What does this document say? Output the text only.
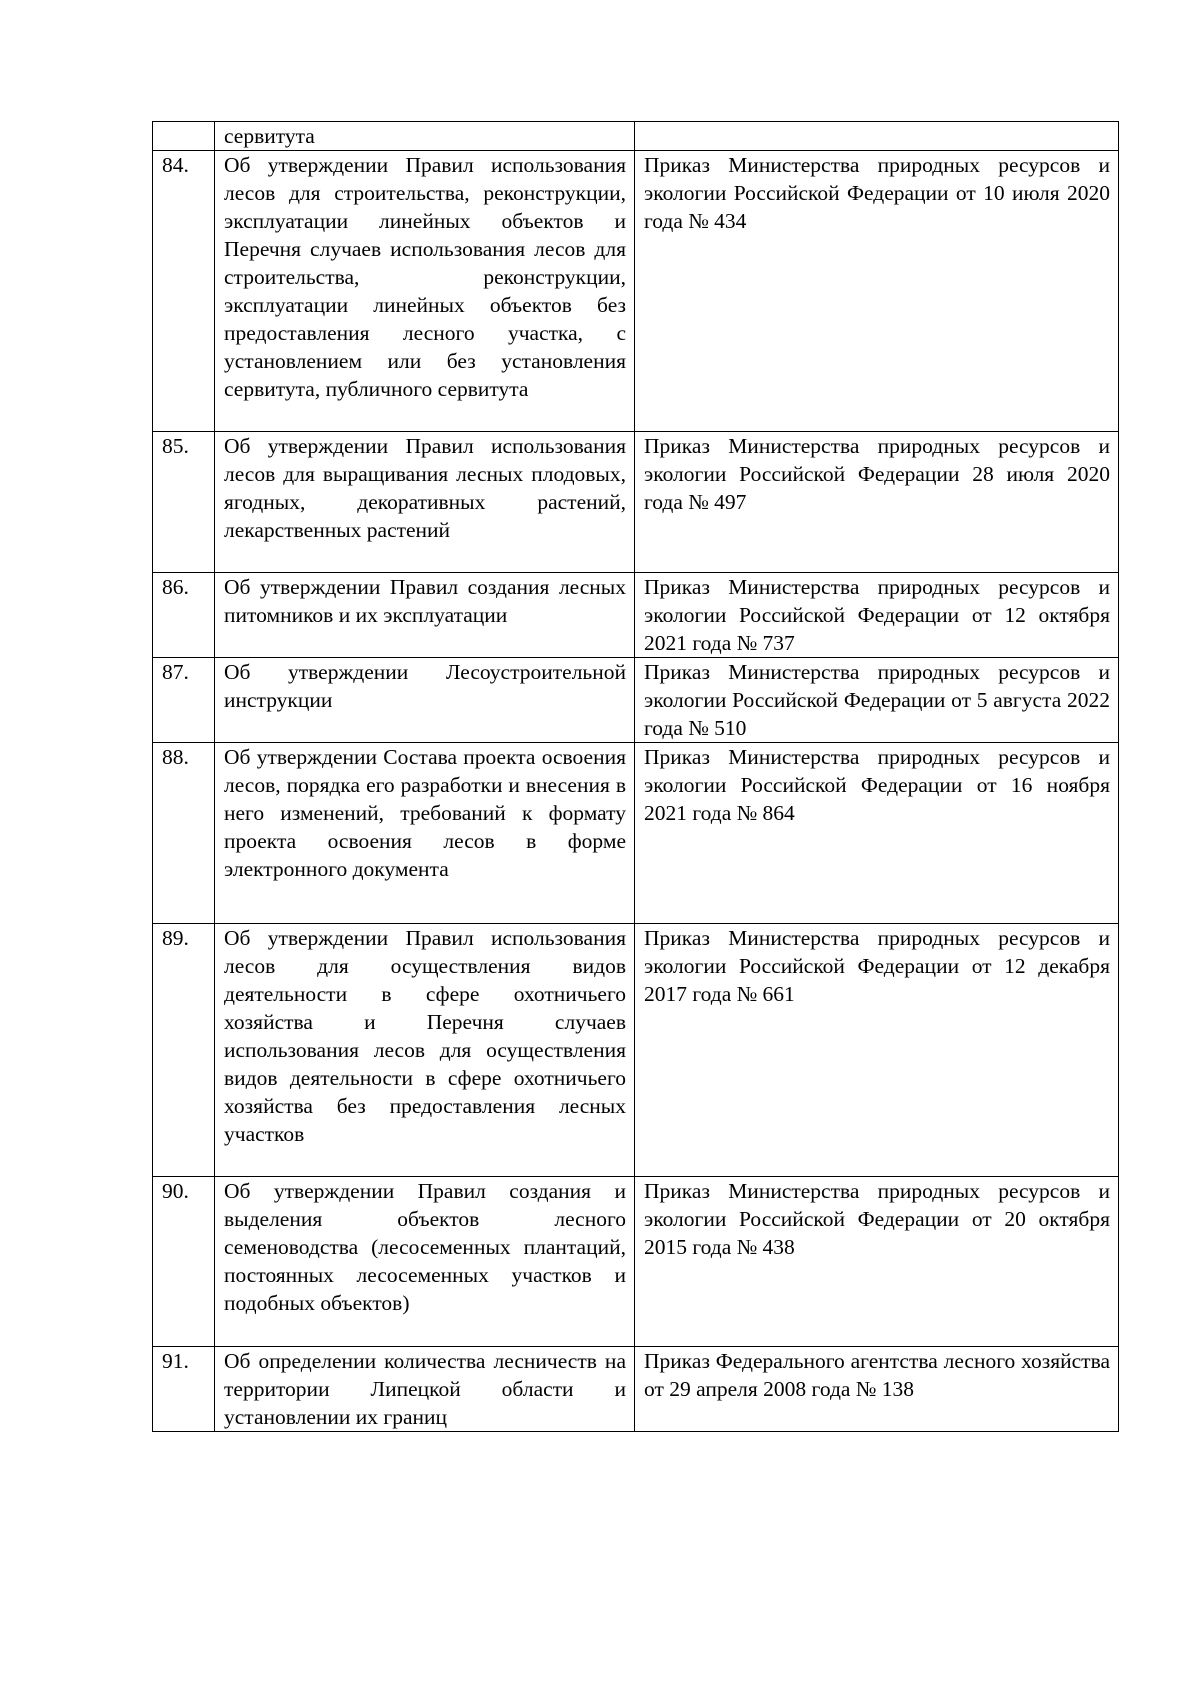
	сервитута	
84.	Об утверждении Правил использования лесов для строительства, реконструкции, эксплуатации линейных объектов и Перечня случаев использования лесов для строительства, реконструкции, эксплуатации линейных объектов без предоставления лесного участка, с установлением или без установления сервитута, публичного сервитута	Приказ Министерства природных ресурсов и экологии Российской Федерации от 10 июля 2020 года № 434
85.	Об утверждении Правил использования лесов для выращивания лесных плодовых, ягодных, декоративных растений, лекарственных растений	Приказ Министерства природных ресурсов и экологии Российской Федерации 28 июля 2020 года № 497
86.	Об утверждении Правил создания лесных питомников и их эксплуатации	Приказ Министерства природных ресурсов и экологии Российской Федерации от 12 октября 2021 года № 737
87.	Об утверждении Лесоустроительной инструкции	Приказ Министерства природных ресурсов и экологии Российской Федерации от 5 августа 2022 года № 510
88.	Об утверждении Состава проекта освоения лесов, порядка его разработки и внесения в него изменений, требований к формату проекта освоения лесов в форме электронного документа	Приказ Министерства природных ресурсов и экологии Российской Федерации от 16 ноября 2021 года № 864
89.	Об утверждении Правил использования лесов для осуществления видов деятельности в сфере охотничьего хозяйства и Перечня случаев использования лесов для осуществления видов деятельности в сфере охотничьего хозяйства без предоставления лесных участков	Приказ Министерства природных ресурсов и экологии Российской Федерации от 12 декабря 2017 года № 661
90.	Об утверждении Правил создания и выделения объектов лесного семеноводства (лесосеменных плантаций, постоянных лесосеменных участков и подобных объектов)	Приказ Министерства природных ресурсов и экологии Российской Федерации от 20 октября 2015 года № 438
91.	Об определении количества лесничеств на территории Липецкой области и установлении их границ	Приказ Федерального агентства лесного хозяйства от 29 апреля 2008 года № 138
